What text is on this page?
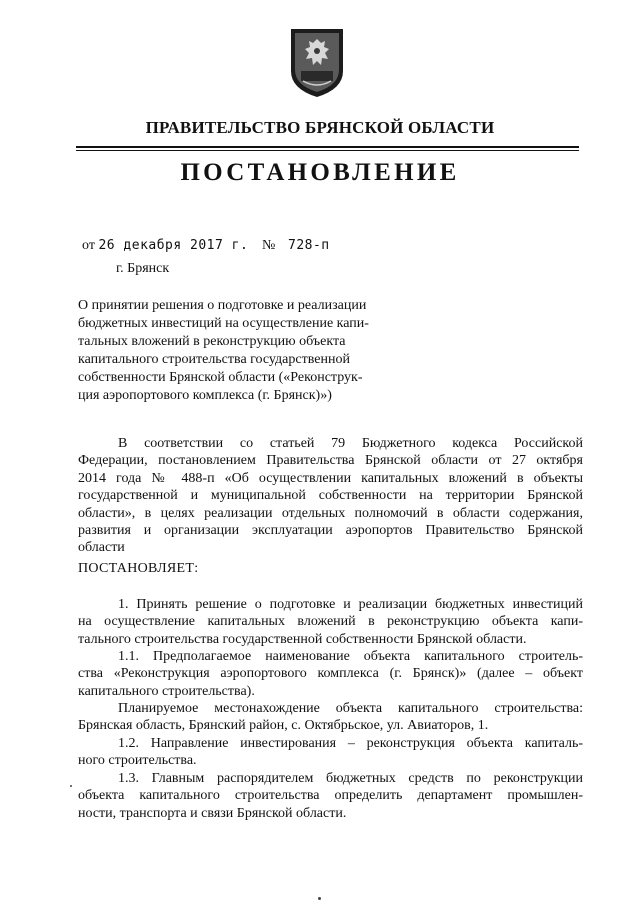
ПРАВИТЕЛЬСТВО БРЯНСКОЙ ОБЛАСТИ
ПОСТАНОВЛЕНИЕ
от 26 декабря 2017 г. № 728-п
г. Брянск
О принятии решения о подготовке и реализации
бюджетных инвестиций на осуществление капи-
тальных вложений в реконструкцию объекта
капитального строительства государственной
собственности Брянской области («Реконструк-
ция аэропортового комплекса (г. Брянск)»)
В соответствии со статьей 79 Бюджетного кодекса Российской
Федерации, постановлением Правительства Брянской области от 27 октября
2014 года № 488-п «Об осуществлении капитальных вложений в объекты
государственной и муниципальной собственности на территории Брянской
области», в целях реализации отдельных полномочий в области содержания,
развития и организации эксплуатации аэропортов Правительство Брянской
области
ПОСТАНОВЛЯЕТ:
1. Принять решение о подготовке и реализации бюджетных инвестиций
на осуществление капитальных вложений в реконструкцию объекта капи-
тального строительства государственной собственности Брянской области.
1.1. Предполагаемое наименование объекта капитального строитель-
ства «Реконструкция аэропортового комплекса (г. Брянск)» (далее – объект
капитального строительства).
Планируемое местонахождение объекта капитального строительства:
Брянская область, Брянский район, с. Октябрьское, ул. Авиаторов, 1.
1.2. Направление инвестирования – реконструкция объекта капиталь-
ного строительства.
1.3. Главным распорядителем бюджетных средств по реконструкции
объекта капитального строительства определить департамент промышлен-
ности, транспорта и связи Брянской области.
